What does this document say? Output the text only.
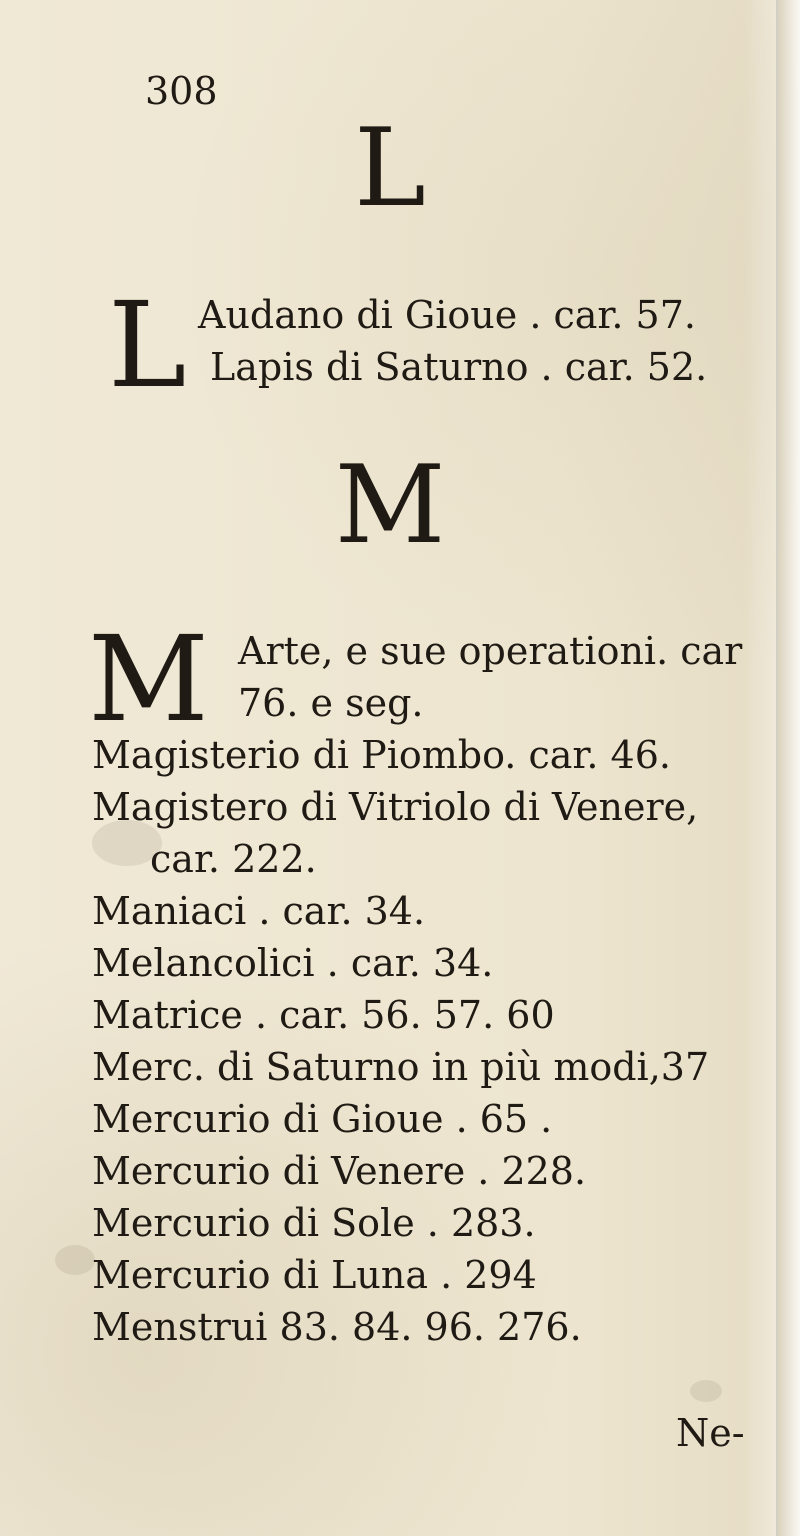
308
L
L Audano di Gioue . car. 57.
Lapis di Saturno . car. 52.
M
M Arte, e sue operationi. car
76. e seg.
Magisterio di Piombo. car. 46.
Magistero di Vitriolo di Venere,
car. 222.
Maniaci . car. 34.
Melancolici . car. 34.
Matrice . car. 56. 57. 60
Merc. di Saturno in più modi,37
Mercurio di Gioue . 65 .
Mercurio di Venere . 228.
Mercurio di Sole . 283.
Mercurio di Luna . 294
Menstrui 83. 84. 96. 276.
Ne-
